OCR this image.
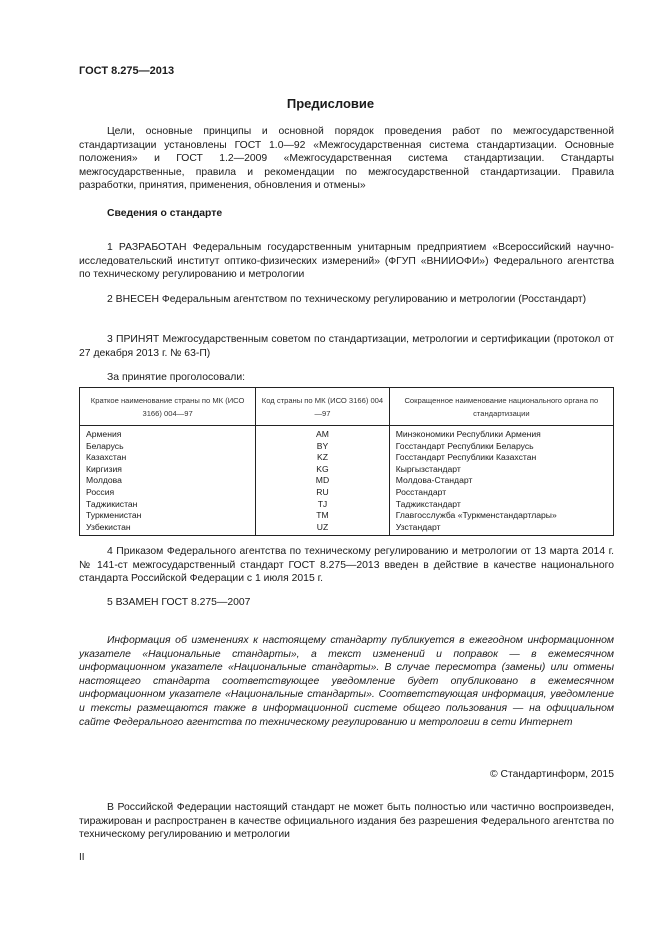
ГОСТ 8.275—2013
Предисловие
Цели, основные принципы и основной порядок проведения работ по межгосударственной стандартизации установлены ГОСТ 1.0—92 «Межгосударственная система стандартизации. Основные положения» и ГОСТ 1.2—2009 «Межгосударственная система стандартизации. Стандарты межгосударственные, правила и рекомендации по межгосударственной стандартизации. Правила разработки, принятия, применения, обновления и отмены»
Сведения о стандарте
1 РАЗРАБОТАН Федеральным государственным унитарным предприятием «Всероссийский научно-исследовательский институт оптико-физических измерений» (ФГУП «ВНИИОФИ») Федерального агентства по техническому регулированию и метрологии
2 ВНЕСЕН Федеральным агентством по техническому регулированию и метрологии (Росстандарт)
3 ПРИНЯТ Межгосударственным советом по стандартизации, метрологии и сертификации (протокол от 27 декабря 2013 г. № 63-П)
За принятие проголосовали:
Краткое наименование страны по МК (ИСО 3166) 004—97	Код страны по МК (ИСО 3166) 004—97	Сокращенное наименование национального органа по стандартизации

Армения	AM	Минэкономики Республики Армения
Беларусь	BY	Госстандарт Республики Беларусь
Казахстан	KZ	Госстандарт Республики Казахстан
Киргизия	KG	Кыргызстандарт
Молдова	MD	Молдова-Стандарт
Россия	RU	Росстандарт
Таджикистан	TJ	Таджикстандарт
Туркменистан	TM	Главгосслужба «Туркменстандартлары»
Узбекистан	UZ	Узстандарт
4 Приказом Федерального агентства по техническому регулированию и метрологии от 13 марта 2014 г. № 141-ст межгосударственный стандарт ГОСТ 8.275—2013 введен в действие в качестве национального стандарта Российской Федерации с 1 июля 2015 г.
5 ВЗАМЕН ГОСТ 8.275—2007
Информация об изменениях к настоящему стандарту публикуется в ежегодном информационном указателе «Национальные стандарты», а текст изменений и поправок — в ежемесячном информационном указателе «Национальные стандарты». В случае пересмотра (замены) или отмены настоящего стандарта соответствующее уведомление будет опубликовано в ежемесячном информационном указателе «Национальные стандарты». Соответствующая информация, уведомление и тексты размещаются также в информационной системе общего пользования — на официальном сайте Федерального агентства по техническому регулированию и метрологии в сети Интернет
© Стандартинформ, 2015
В Российской Федерации настоящий стандарт не может быть полностью или частично воспроизведен, тиражирован и распространен в качестве официального издания без разрешения Федерального агентства по техническому регулированию и метрологии
II
